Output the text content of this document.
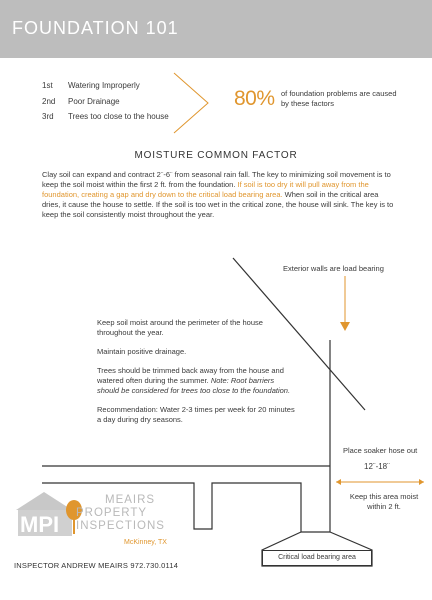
FOUNDATION 101
1st	Watering Improperly
2nd	Poor Drainage
3rd	Trees too close to the house
80% of foundation problems are caused by these factors
MOISTURE COMMON FACTOR
Clay soil can expand and contract 2¨-6¨ from seasonal rain fall. The key to minimizing soil movement is to keep the soil moist within the first 2 ft. from the foundation. If soil is too dry it will pull away from the foundation, creating a gap and dry down to the critical load bearing area. When soil in the critical area dries, it cause the house to settle. If the soil is too wet in the critical zone, the house will sink. The key is to keep the soil consistently moist throughout the year.
Exterior walls are load bearing
Keep soil moist around the perimeter of the house throughout the year.
Maintain positive drainage.
Trees should be trimmed back away from the house and watered often during the summer. Note: Root barriers should be considered for trees too close to the foundation.
Recommendation: Water 2-3 times per week for 20 minutes a day during dry seasons.
Place soaker hose out
12¨-18¨
Keep this area moist within 2 ft.
Critical load bearing area
MPI
MEAIRS
PROPERTY
INSPECTIONS
McKinney, TX
INSPECTOR ANDREW MEAIRS 972.730.0114
